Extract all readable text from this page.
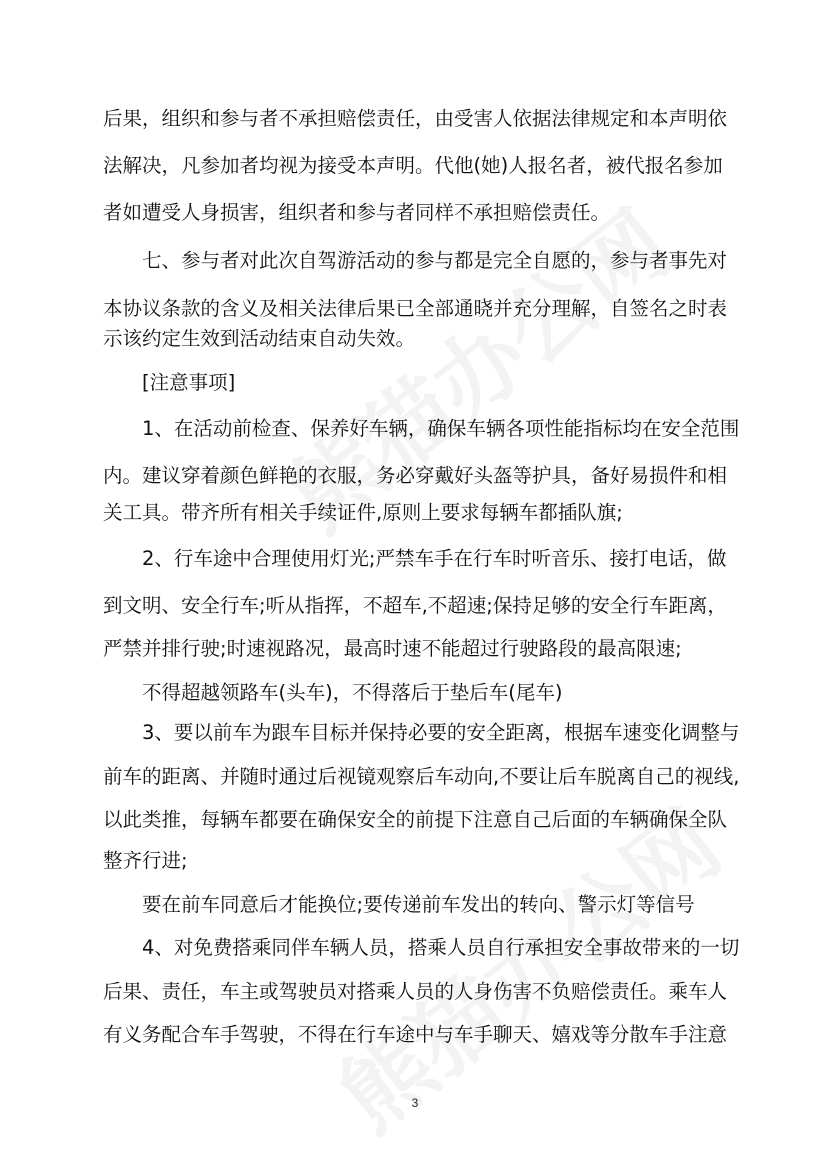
后果，组织和参与者不承担赔偿责任，由受害人依据法律规定和本声明依
法解决，凡参加者均视为接受本声明。代他(她)人报名者，被代报名参加
者如遭受人身损害，组织者和参与者同样不承担赔偿责任。
七、参与者对此次自驾游活动的参与都是完全自愿的，参与者事先对
本协议条款的含义及相关法律后果已全部通晓并充分理解，自签名之时表
示该约定生效到活动结束自动失效。
[注意事项]
1、在活动前检查、保养好车辆，确保车辆各项性能指标均在安全范围
内。建议穿着颜色鲜艳的衣服，务必穿戴好头盔等护具，备好易损件和相
关工具。带齐所有相关手续证件,原则上要求每辆车都插队旗;
2、行车途中合理使用灯光;严禁车手在行车时听音乐、接打电话，做
到文明、安全行车;听从指挥，不超车,不超速;保持足够的安全行车距离，
严禁并排行驶;时速视路况，最高时速不能超过行驶路段的最高限速;
不得超越领路车(头车)，不得落后于垫后车(尾车)
3、要以前车为跟车目标并保持必要的安全距离，根据车速变化调整与
前车的距离、并随时通过后视镜观察后车动向,不要让后车脱离自己的视线,
以此类推，每辆车都要在确保安全的前提下注意自己后面的车辆确保全队
整齐行进;
要在前车同意后才能换位;要传递前车发出的转向、警示灯等信号
4、对免费搭乘同伴车辆人员，搭乘人员自行承担安全事故带来的一切
后果、责任，车主或驾驶员对搭乘人员的人身伤害不负赔偿责任。乘车人
有义务配合车手驾驶，不得在行车途中与车手聊天、嬉戏等分散车手注意
3
